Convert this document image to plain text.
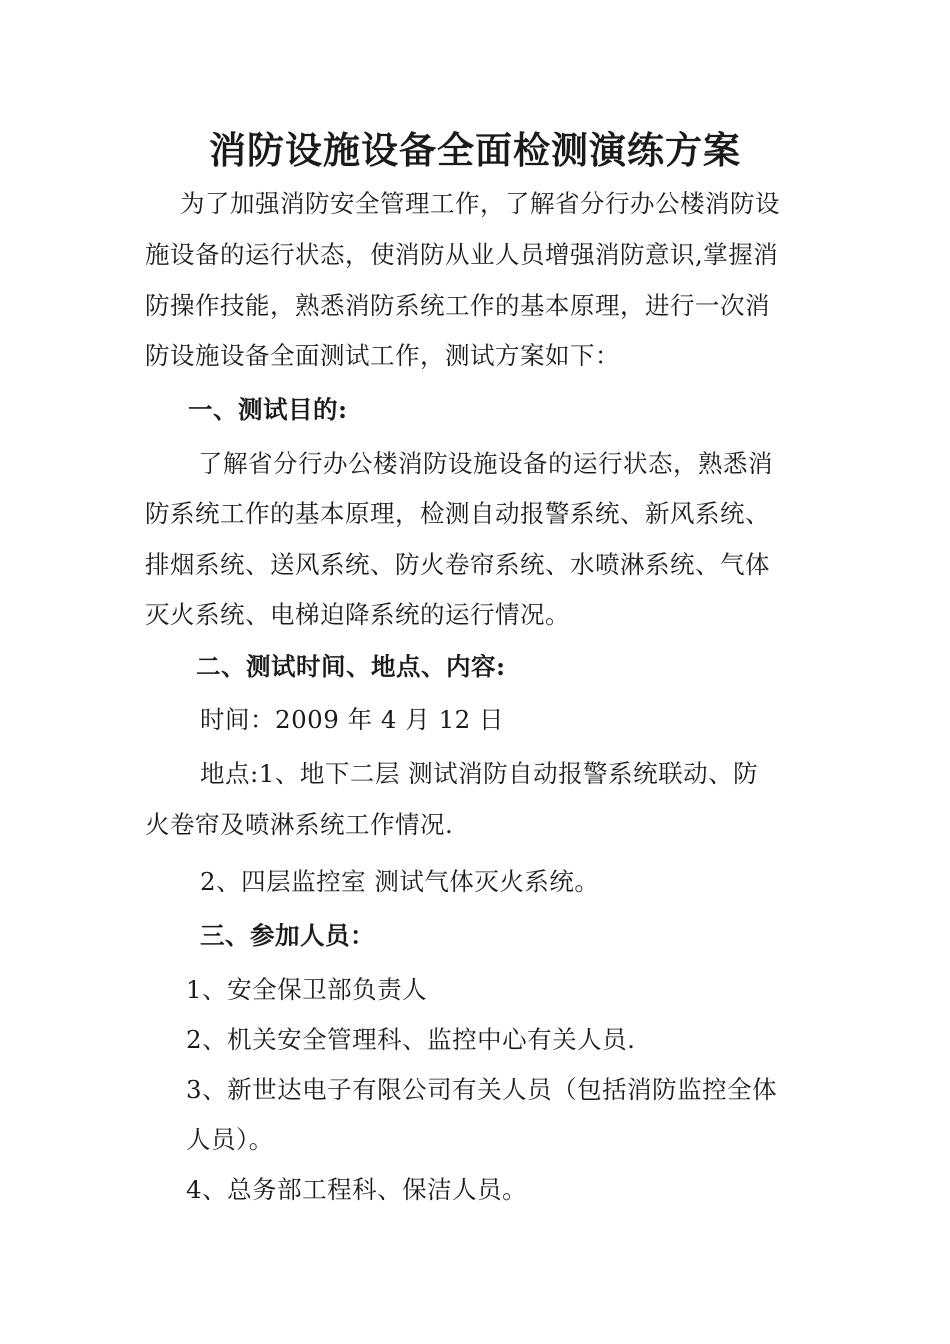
消防设施设备全面检测演练方案
为了加强消防安全管理工作，了解省分行办公楼消防设
施设备的运行状态，使消防从业人员增强消防意识,掌握消
防操作技能，熟悉消防系统工作的基本原理，进行一次消
防设施设备全面测试工作，测试方案如下：
一、测试目的:
了解省分行办公楼消防设施设备的运行状态，熟悉消
防系统工作的基本原理，检测自动报警系统、新风系统、
排烟系统、送风系统、防火卷帘系统、水喷淋系统、气体
灭火系统、电梯迫降系统的运行情况。
二、测试时间、地点、内容:
时间：2009 年 4 月 12 日
地点:1、地下二层 测试消防自动报警系统联动、防
火卷帘及喷淋系统工作情况.
2、四层监控室 测试气体灭火系统。
三、参加人员：
1、安全保卫部负责人
2、机关安全管理科、监控中心有关人员.
3、新世达电子有限公司有关人员（包括消防监控全体
人员）。
4、总务部工程科、保洁人员。
